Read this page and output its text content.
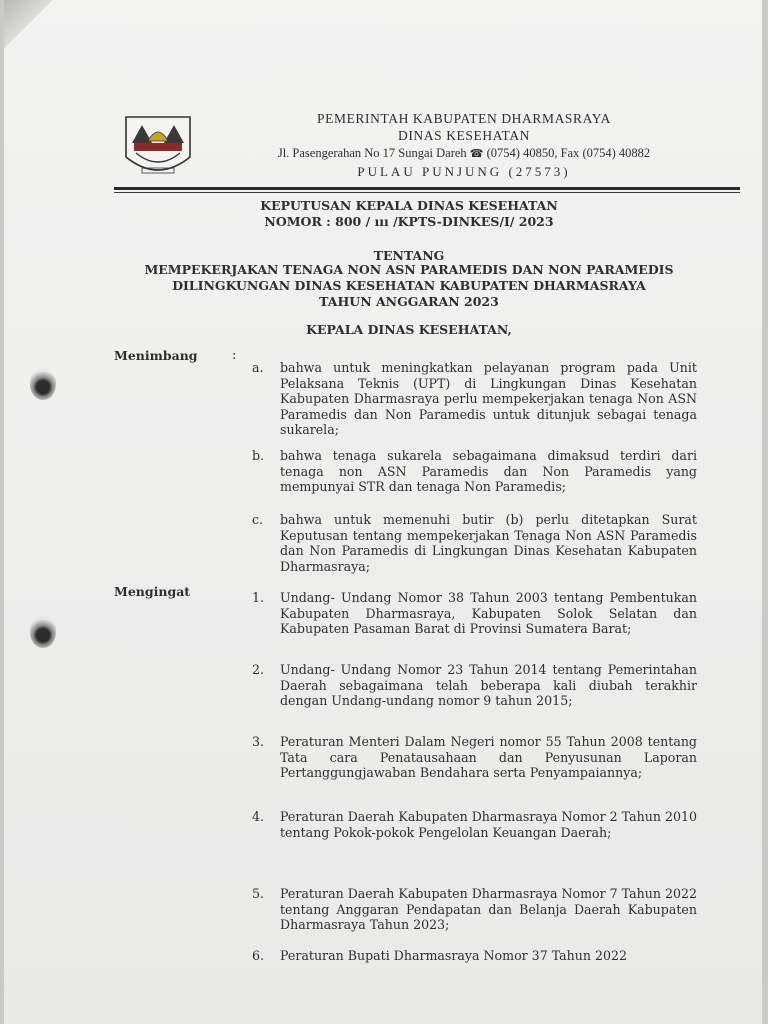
PEMERINTAH KABUPATEN DHARMASRAYA
DINAS KESEHATAN
Jl. Pasengerahan No 17 Sungai Dareh ☎ (0754) 40850, Fax (0754) 40882
PULAU PUNJUNG (27573)
KEPUTUSAN KEPALA DINAS KESEHATAN
NOMOR : 800 / ııı /KPTS-DINKES/I/ 2023
TENTANG
MEMPEKERJAKAN TENAGA NON ASN PARAMEDIS DAN NON PARAMEDIS
DILINGKUNGAN DINAS KESEHATAN KABUPATEN DHARMASRAYA
TAHUN ANGGARAN 2023
KEPALA DINAS KESEHATAN,
Menimbang	:
a.	bahwa untuk meningkatkan pelayanan program pada Unit Pelaksana Teknis (UPT) di Lingkungan Dinas Kesehatan Kabupaten Dharmasraya perlu mempekerjakan tenaga Non ASN Paramedis dan Non Paramedis untuk ditunjuk sebagai tenaga sukarela;
b.	bahwa tenaga sukarela sebagaimana dimaksud terdiri dari tenaga non ASN Paramedis dan Non Paramedis yang mempunyai STR dan tenaga Non Paramedis;
c.	bahwa untuk memenuhi butir (b) perlu ditetapkan Surat Keputusan tentang mempekerjakan Tenaga Non ASN Paramedis dan Non Paramedis di Lingkungan Dinas Kesehatan Kabupaten Dharmasraya;
Mengingat	1.	Undang- Undang Nomor 38 Tahun 2003 tentang Pembentukan Kabupaten Dharmasraya, Kabupaten Solok Selatan dan Kabupaten Pasaman Barat di Provinsi Sumatera Barat;
2.	Undang- Undang Nomor 23 Tahun 2014 tentang Pemerintahan Daerah sebagaimana telah beberapa kali diubah terakhir dengan Undang-undang nomor 9 tahun 2015;
3.	Peraturan Menteri Dalam Negeri nomor 55 Tahun 2008 tentang Tata cara Penatausahaan dan Penyusunan Laporan Pertanggungjawaban Bendahara serta Penyampaiannya;
4.	Peraturan Daerah Kabupaten Dharmasraya Nomor 2 Tahun 2010 tentang Pokok-pokok Pengelolan Keuangan Daerah;
5.	Peraturan Daerah Kabupaten Dharmasraya Nomor 7 Tahun 2022 tentang Anggaran Pendapatan dan Belanja Daerah Kabupaten Dharmasraya Tahun 2023;
6.	Peraturan Bupati Dharmasraya Nomor 37 Tahun 2022
